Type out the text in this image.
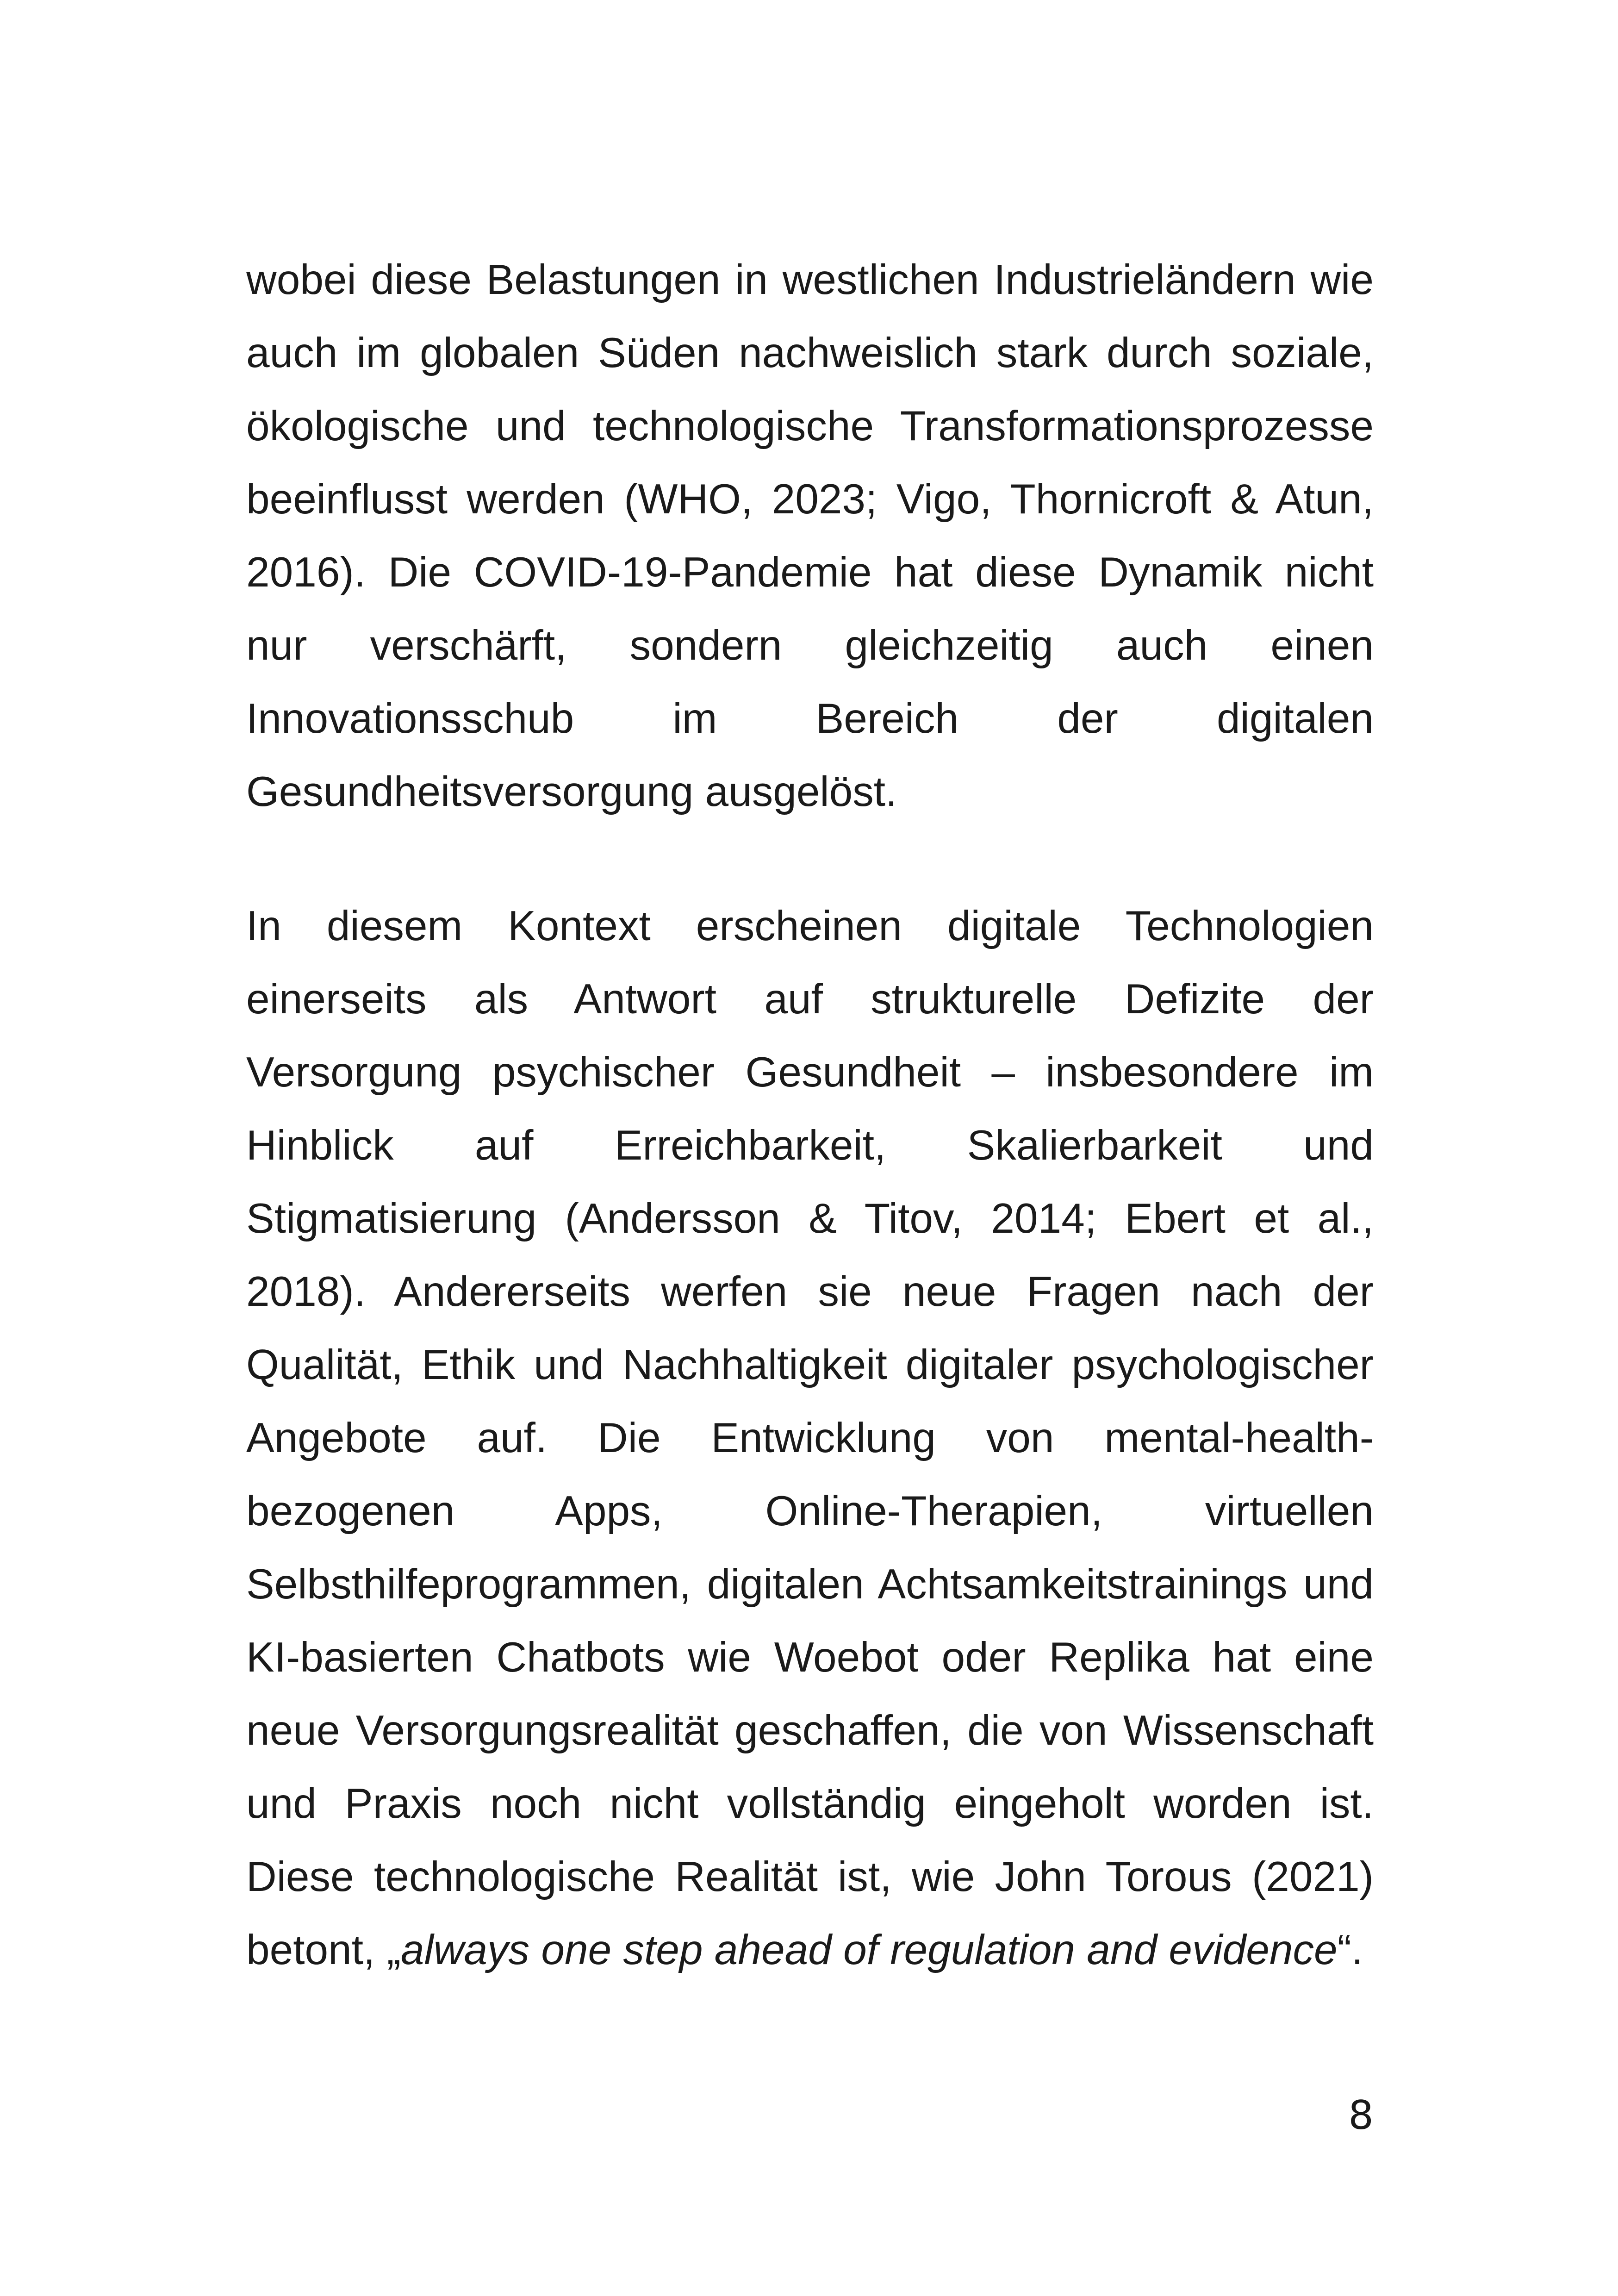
wobei diese Belastungen in westlichen Industrieländern wie auch im globalen Süden nachweislich stark durch soziale, ökologische und technologische Transformationsprozesse beeinflusst werden (WHO, 2023; Vigo, Thornicroft & Atun, 2016). Die COVID-19-Pandemie hat diese Dynamik nicht nur verschärft, sondern gleichzeitig auch einen Innovationsschub im Bereich der digitalen Gesundheitsversorgung ausgelöst.

In diesem Kontext erscheinen digitale Technologien einerseits als Antwort auf strukturelle Defizite der Versorgung psychischer Gesundheit – insbesondere im Hinblick auf Erreichbarkeit, Skalierbarkeit und Stigmatisierung (Andersson & Titov, 2014; Ebert et al., 2018). Andererseits werfen sie neue Fragen nach der Qualität, Ethik und Nachhaltigkeit digitaler psychologischer Angebote auf. Die Entwicklung von mental-health-bezogenen Apps, Online-Therapien, virtuellen Selbsthilfeprogrammen, digitalen Achtsamkeitstrainings und KI-basierten Chatbots wie Woebot oder Replika hat eine neue Versorgungsrealität geschaffen, die von Wissenschaft und Praxis noch nicht vollständig eingeholt worden ist. Diese technologische Realität ist, wie John Torous (2021) betont, „always one step ahead of regulation and evidence“.

8
